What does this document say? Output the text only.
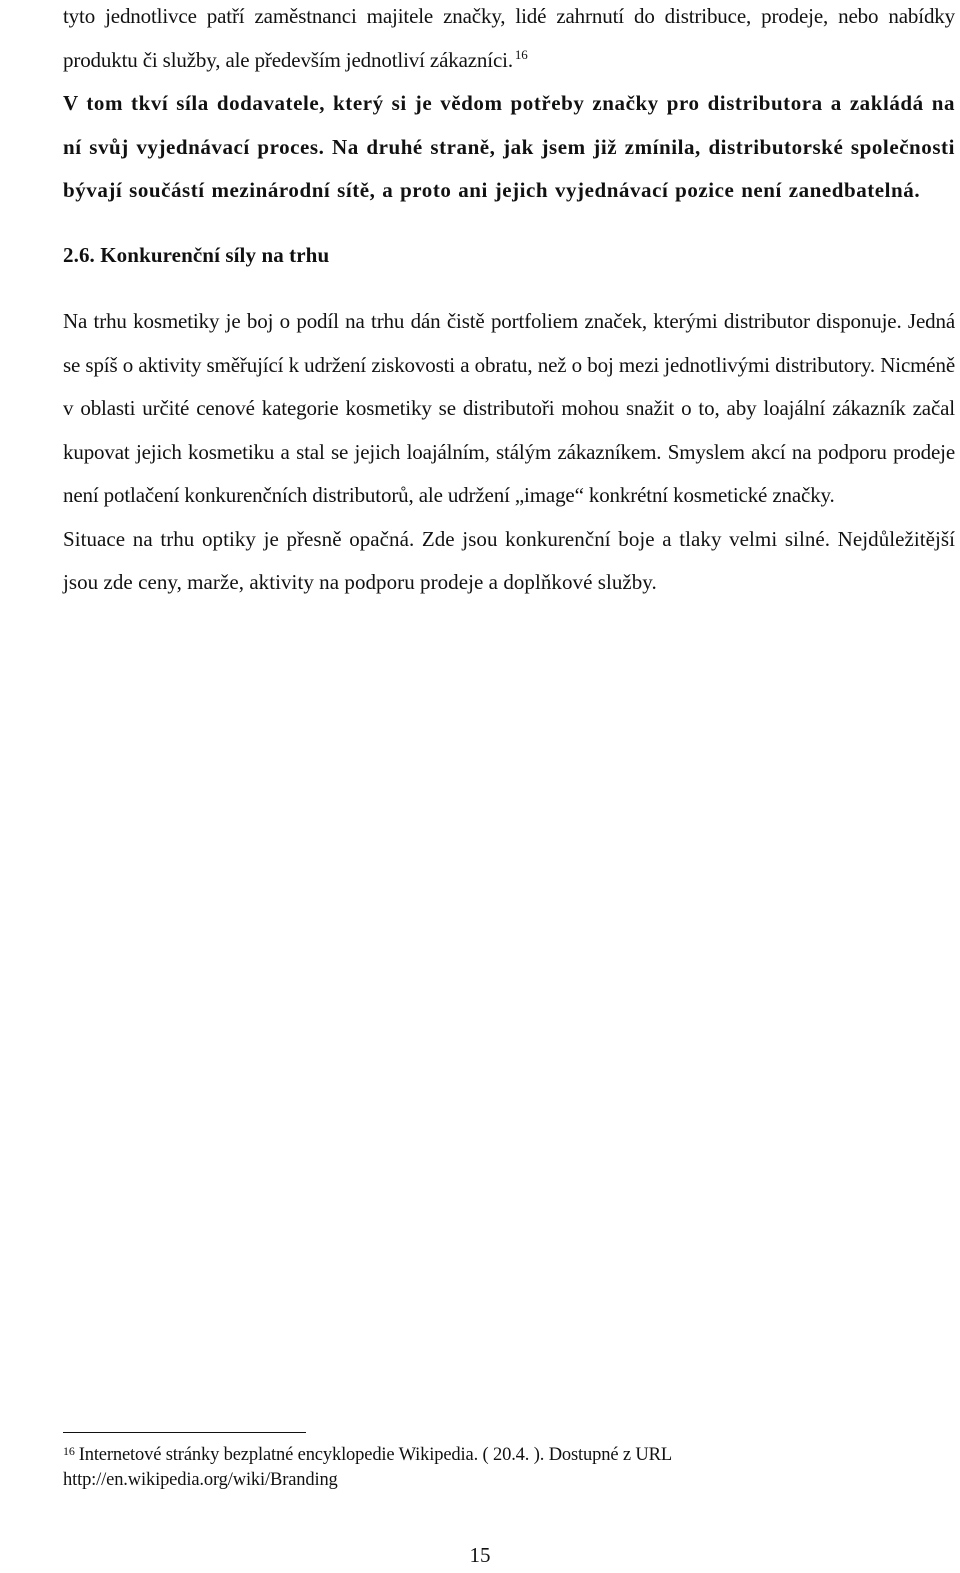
tyto jednotlivce patří zaměstnanci majitele značky, lidé zahrnutí do distribuce, prodeje, nebo nabídky produktu či služby, ale především jednotliví zákazníci. $^{16}$

V tom tkví síla dodavatele, který si je vědom potřeby značky pro distributora a zakládá na ní svůj vyjednávací proces. Na druhé straně, jak jsem již zmínila, distributorské společnosti bývají součástí mezinárodní sítě, a proto ani jejich vyjednávací pozice není zanedbatelná.

2.6. Konkurenční síly na trhu

Na trhu kosmetiky je boj o podíl na trhu dán čistě portfoliem značek, kterými distributor disponuje. Jedná se spíš o aktivity směřující k udržení ziskovosti a obratu, než o boj mezi jednotlivými distributory. Nicméně v oblasti určité cenové kategorie kosmetiky se distributoři mohou snažit o to, aby loajální zákazník začal kupovat jejich kosmetiku a stal se jejich loajálním, stálým zákazníkem. Smyslem akcí na podporu prodeje není potlačení konkurenčních distributorů, ale udržení „image“ konkrétní kosmetické značky.

Situace na trhu optiky je přesně opačná. Zde jsou konkurenční boje a tlaky velmi silné. Nejdůležitější jsou zde ceny, marže, aktivity na podporu prodeje a doplňkové služby.

$^{16}$ Internetové stránky bezplatné encyklopedie Wikipedia. ( 20.4. ). Dostupné z URL
http://en.wikipedia.org/wiki/Branding
15
